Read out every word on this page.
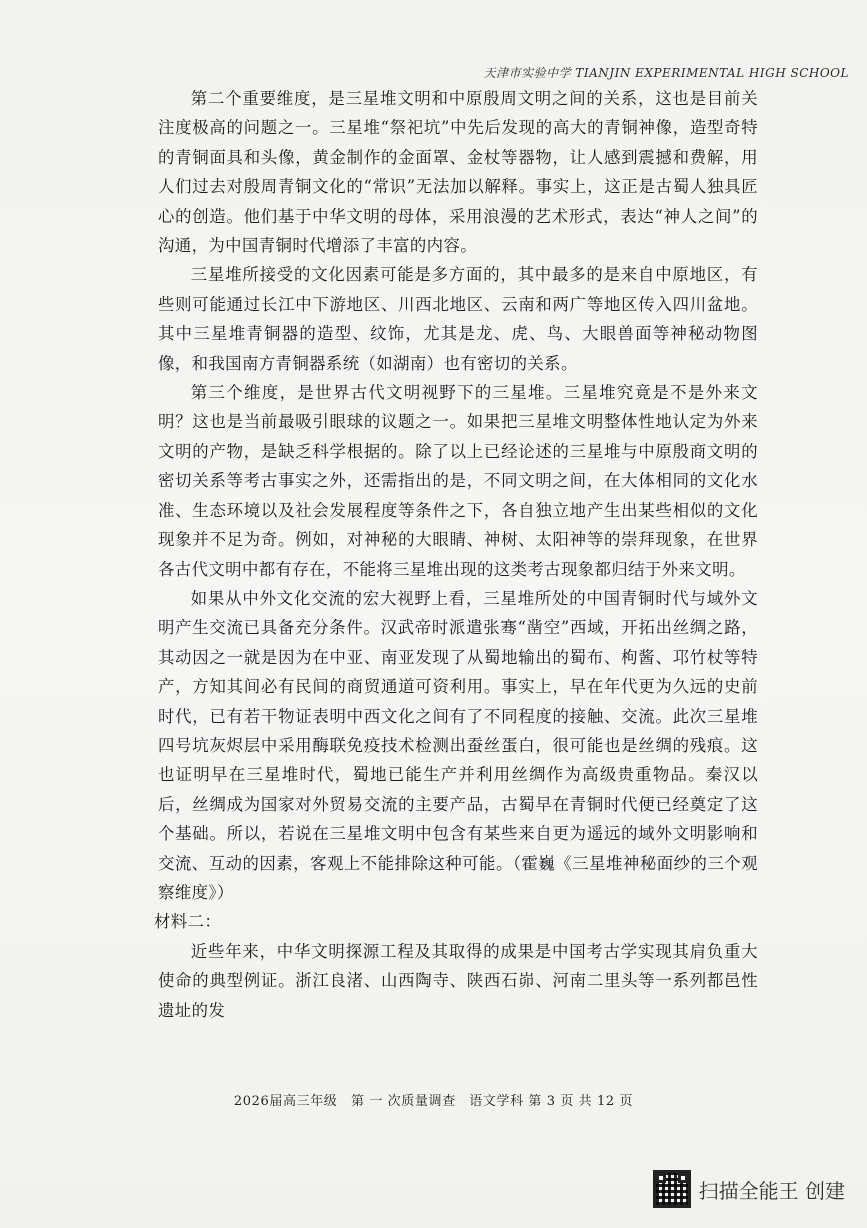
天津市实验中学 TIANJIN EXPERIMENTAL HIGH SCHOOL

第二个重要维度，是三星堆文明和中原殷周文明之间的关系，这也是目前关注度极高的问题之一。三星堆“祭祀坑”中先后发现的高大的青铜神像，造型奇特的青铜面具和头像，黄金制作的金面罩、金杖等器物，让人感到震撼和费解，用人们过去对殷周青铜文化的“常识”无法加以解释。事实上，这正是古蜀人独具匠心的创造。他们基于中华文明的母体，采用浪漫的艺术形式，表达“神人之间”的沟通，为中国青铜时代增添了丰富的内容。

三星堆所接受的文化因素可能是多方面的，其中最多的是来自中原地区，有些则可能通过长江中下游地区、川西北地区、云南和两广等地区传入四川盆地。其中三星堆青铜器的造型、纹饰，尤其是龙、虎、鸟、大眼兽面等神秘动物图像，和我国南方青铜器系统（如湖南）也有密切的关系。

第三个维度，是世界古代文明视野下的三星堆。三星堆究竟是不是外来文明？这也是当前最吸引眼球的议题之一。如果把三星堆文明整体性地认定为外来文明的产物，是缺乏科学根据的。除了以上已经论述的三星堆与中原殷商文明的密切关系等考古事实之外，还需指出的是，不同文明之间，在大体相同的文化水准、生态环境以及社会发展程度等条件之下，各自独立地产生出某些相似的文化现象并不足为奇。例如，对神秘的大眼睛、神树、太阳神等的崇拜现象，在世界各古代文明中都有存在，不能将三星堆出现的这类考古现象都归结于外来文明。

如果从中外文化交流的宏大视野上看，三星堆所处的中国青铜时代与域外文明产生交流已具备充分条件。汉武帝时派遣张骞“凿空”西域，开拓出丝绸之路，其动因之一就是因为在中亚、南亚发现了从蜀地输出的蜀布、枸酱、邛竹杖等特产，方知其间必有民间的商贸通道可资利用。事实上，早在年代更为久远的史前时代，已有若干物证表明中西文化之间有了不同程度的接触、交流。此次三星堆四号坑灰烬层中采用酶联免疫技术检测出蚕丝蛋白，很可能也是丝绸的残痕。这也证明早在三星堆时代，蜀地已能生产并利用丝绸作为高级贵重物品。秦汉以后，丝绸成为国家对外贸易交流的主要产品，古蜀早在青铜时代便已经奠定了这个基础。所以，若说在三星堆文明中包含有某些来自更为遥远的域外文明影响和交流、互动的因素，客观上不能排除这种可能。（霍巍《三星堆神秘面纱的三个观察维度》）

材料二：

近些年来，中华文明探源工程及其取得的成果是中国考古学实现其肩负重大使命的典型例证。浙江良渚、山西陶寺、陕西石峁、河南二里头等一系列都邑性遗址的发

2026届高三年级　第 一 次质量调查　语文学科 第 3 页 共 12 页
扫描全能王 创建
